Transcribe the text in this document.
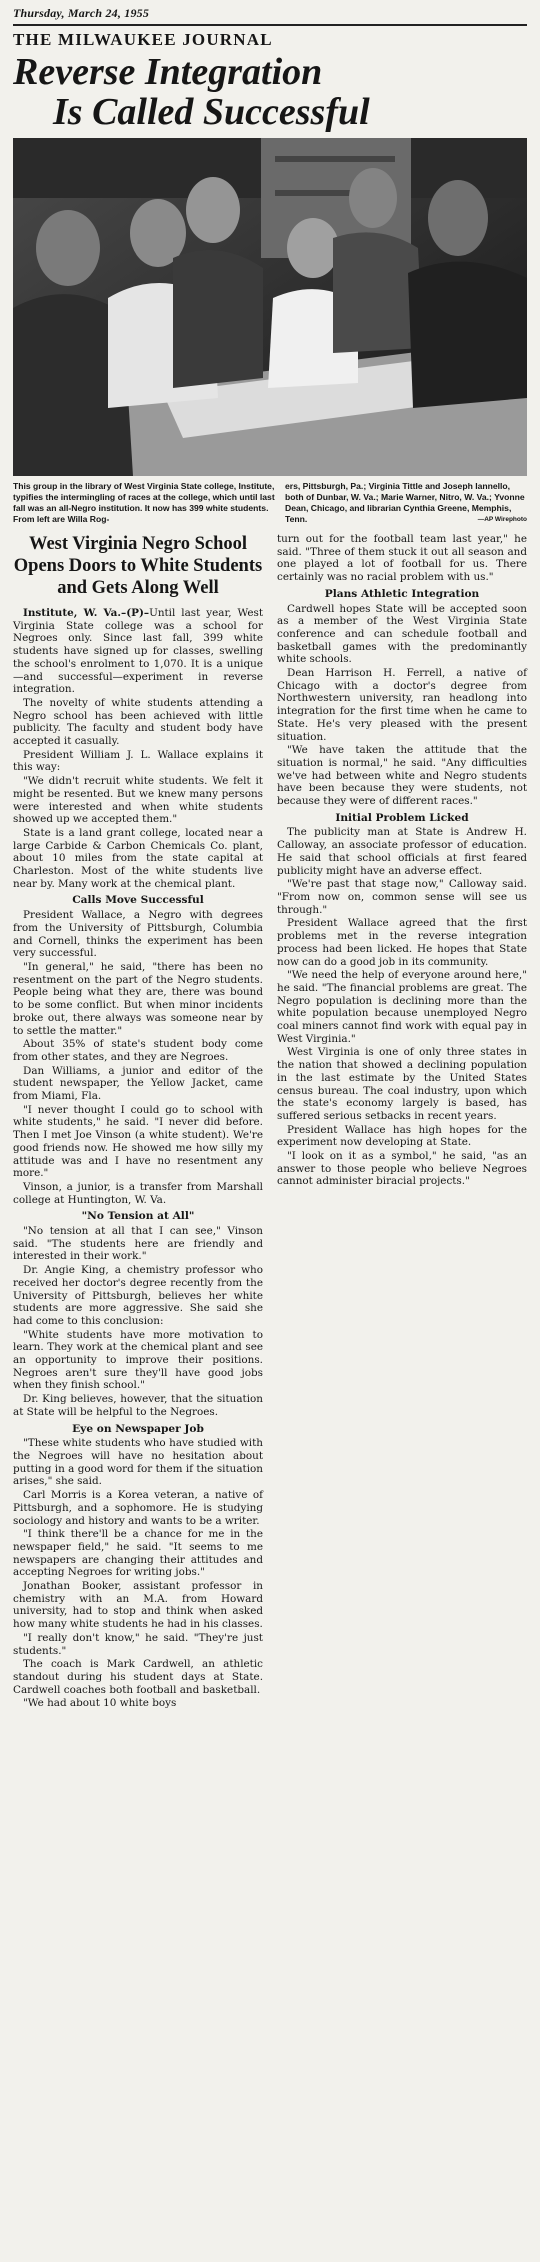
Thursday, March 24, 1955
THE MILWAUKEE JOURNAL
Reverse Integration
Is Called Successful
This group in the library of West Virginia State college, Institute, typifies the intermingling of races at the college, which until last fall was an all-Negro institution. It now has 399 white students. From left are Willa Rog-
ers, Pittsburgh, Pa.; Virginia Tittle and Joseph Iannello, both of Dunbar, W. Va.; Marie Warner, Nitro, W. Va.; Yvonne Dean, Chicago, and librarian Cynthia Greene, Memphis, Tenn.	—AP Wirephoto
West Virginia Negro School Opens Doors to White Students and Gets Along Well

Institute, W. Va.–(P)–Until last year, West Virginia State college was a school for Negroes only. Since last fall, 399 white students have signed up for classes, swelling the school's enrolment to 1,070. It is a unique—and successful—experiment in reverse integration.

The novelty of white students attending a Negro school has been achieved with little publicity. The faculty and student body have accepted it casually.

President William J. L. Wallace explains it this way:

"We didn't recruit white students. We felt it might be resented. But we knew many persons were interested and when white students showed up we accepted them."

State is a land grant college, located near a large Carbide & Carbon Chemicals Co. plant, about 10 miles from the state capital at Charleston. Most of the white students live near by. Many work at the chemical plant.

Calls Move Successful

President Wallace, a Negro with degrees from the University of Pittsburgh, Columbia and Cornell, thinks the experiment has been very successful.

"In general," he said, "there has been no resentment on the part of the Negro students. People being what they are, there was bound to be some conflict. But when minor incidents broke out, there always was someone near by to settle the matter."

About 35% of state's student body come from other states, and they are Negroes.

Dan Williams, a junior and editor of the student newspaper, the Yellow Jacket, came from Miami, Fla.

"I never thought I could go to school with white students," he said. "I never did before. Then I met Joe Vinson (a white student). We're good friends now. He showed me how silly my attitude was and I have no resentment any more."

Vinson, a junior, is a transfer from Marshall college at Huntington, W. Va.

"No Tension at All"

"No tension at all that I can see," Vinson said. "The students here are friendly and interested in their work."

Dr. Angie King, a chemistry professor who received her doctor's degree recently from the University of Pittsburgh, believes her white students are more aggressive. She said she had come to this conclusion:

"White students have more motivation to learn. They work at the chemical plant and see an opportunity to improve their positions. Negroes aren't sure they'll have good jobs when they finish school."

Dr. King believes, however, that the situation at State will be helpful to the Negroes.

Eye on Newspaper Job

"These white students who have studied with the Negroes will have no hesitation about putting in a good word for them if the situation arises," she said.

Carl Morris is a Korea veteran, a native of Pittsburgh, and a sophomore. He is studying sociology and history and wants to be a writer.

"I think there'll be a chance for me in the newspaper field," he said. "It seems to me newspapers are changing their attitudes and accepting Negroes for writing jobs."

Jonathan Booker, assistant professor in chemistry with an M.A. from Howard university, had to stop and think when asked how many white students he had in his classes.

"I really don't know," he said. "They're just students."

The coach is Mark Cardwell, an athletic standout during his student days at State. Cardwell coaches both football and basketball.

"We had about 10 white boys

turn out for the football team last year," he said. "Three of them stuck it out all season and one played a lot of football for us. There certainly was no racial problem with us."

Plans Athletic Integration

Cardwell hopes State will be accepted soon as a member of the West Virginia State conference and can schedule football and basketball games with the predominantly white schools.

Dean Harrison H. Ferrell, a native of Chicago with a doctor's degree from Northwestern university, ran headlong into integration for the first time when he came to State. He's very pleased with the present situation.

"We have taken the attitude that the situation is normal," he said. "Any difficulties we've had between white and Negro students have been because they were students, not because they were of different races."

Initial Problem Licked

The publicity man at State is Andrew H. Calloway, an associate professor of education. He said that school officials at first feared publicity might have an adverse effect.

"We're past that stage now," Calloway said. "From now on, common sense will see us through."

President Wallace agreed that the first problems met in the reverse integration process had been licked. He hopes that State now can do a good job in its community.

"We need the help of everyone around here," he said. "The financial problems are great. The Negro population is declining more than the white population because unemployed Negro coal miners cannot find work with equal pay in West Virginia."

West Virginia is one of only three states in the nation that showed a declining population in the last estimate by the United States census bureau. The coal industry, upon which the state's economy largely is based, has suffered serious setbacks in recent years.

President Wallace has high hopes for the experiment now developing at State.

"I look on it as a symbol," he said, "as an answer to those people who believe Negroes cannot administer biracial projects."
